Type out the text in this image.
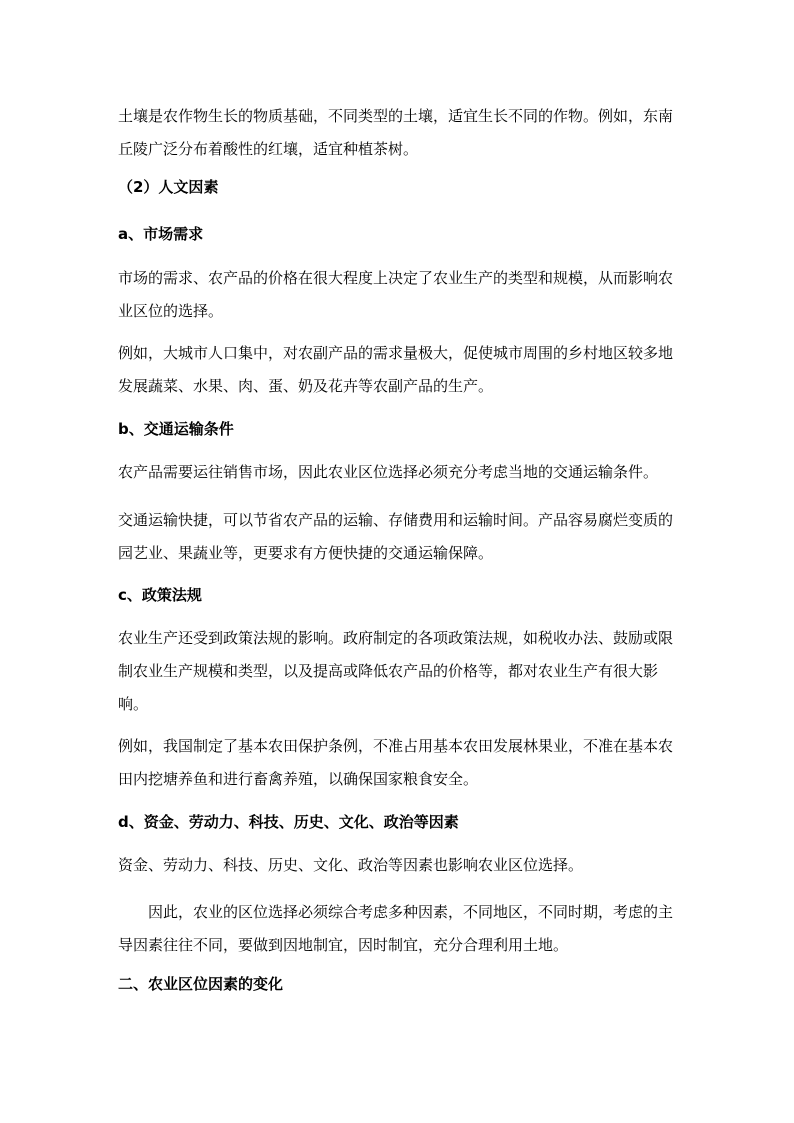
土壤是农作物生长的物质基础，不同类型的土壤，适宜生长不同的作物。例如，东南丘陵广泛分布着酸性的红壤，适宜种植茶树。

（2）人文因素
a、市场需求

市场的需求、农产品的价格在很大程度上决定了农业生产的类型和规模，从而影响农业区位的选择。

例如，大城市人口集中，对农副产品的需求量极大，促使城市周围的乡村地区较多地发展蔬菜、水果、肉、蛋、奶及花卉等农副产品的生产。

b、交通运输条件

农产品需要运往销售市场，因此农业区位选择必须充分考虑当地的交通运输条件。

交通运输快捷，可以节省农产品的运输、存储费用和运输时间。产品容易腐烂变质的园艺业、果蔬业等，更要求有方便快捷的交通运输保障。

c、政策法规

农业生产还受到政策法规的影响。政府制定的各项政策法规，如税收办法、鼓励或限制农业生产规模和类型，以及提高或降低农产品的价格等，都对农业生产有很大影响。

例如，我国制定了基本农田保护条例，不准占用基本农田发展林果业，不准在基本农田内挖塘养鱼和进行畜禽养殖，以确保国家粮食安全。

d、资金、劳动力、科技、历史、文化、政治等因素

资金、劳动力、科技、历史、文化、政治等因素也影响农业区位选择。

因此，农业的区位选择必须综合考虑多种因素，不同地区，不同时期，考虑的主导因素往往不同，要做到因地制宜，因时制宜，充分合理利用土地。

二、农业区位因素的变化
